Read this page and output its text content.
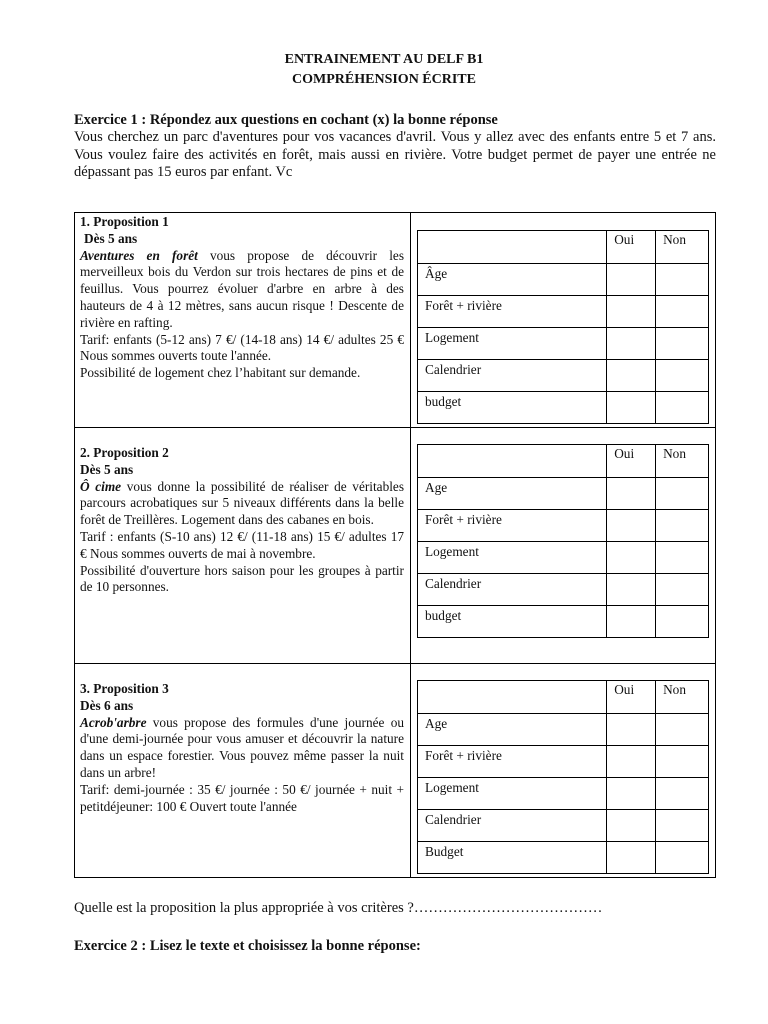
ENTRAINEMENT AU DELF B1
COMPRÉHENSION ÉCRITE
Exercice 1 : Répondez aux questions en cochant (x) la bonne réponse
Vous cherchez un parc d'aventures pour vos vacances d'avril. Vous y allez avec des enfants entre 5 et 7 ans. Vous voulez faire des activités en forêt, mais aussi en rivière. Votre budget permet de payer une entrée ne dépassant pas 15 euros par enfant. Vc

1. Proposition 1

Dès 5 ans

Aventures en forêt vous propose de découvrir les merveilleux bois du Verdon sur trois hectares de pins et de feuillus. Vous pourrez évoluer d'arbre en arbre à des hauteurs de 4 à 12 mètres, sans aucun risque ! Descente de rivière en rafting.

Tarif: enfants (5-12 ans) 7 €/ (14-18 ans) 14 €/ adultes 25 € Nous sommes ouverts toute l'année.

Possibilité de logement chez l’habitant sur demande.

2. Proposition 2

Dès 5 ans

Ô cime vous donne la possibilité de réaliser de véritables parcours acrobatiques sur 5 niveaux différents dans la belle forêt de Treillères. Logement dans des cabanes en bois.

Tarif : enfants (S-10 ans) 12 €/ (11-18 ans) 15 €/ adultes 17 € Nous sommes ouverts de mai à novembre.

Possibilité d'ouverture hors saison pour les groupes à partir de 10 personnes.

3. Proposition 3

Dès 6 ans

Acrob'arbre vous propose des formules d'une journée ou d'une demi-journée pour vous amuser et découvrir la nature dans un espace forestier. Vous pouvez même passer la nuit dans un arbre!

Tarif: demi-journée : 35 €/ journée : 50 €/ journée + nuit + petitdéjeuner: 100 € Ouvert toute l'année

	Oui	Non
Âge		
Forêt + rivière		
Logement		
Calendrier		
budget		
	Oui	Non
Age		
Forêt + rivière		
Logement		
Calendrier		
budget		
	Oui	Non
Age		
Forêt + rivière		
Logement		
Calendrier		
Budget		
Quelle est la proposition la plus appropriée à vos critères ?…………………………………
Exercice 2 : Lisez le texte et choisissez la bonne réponse:
